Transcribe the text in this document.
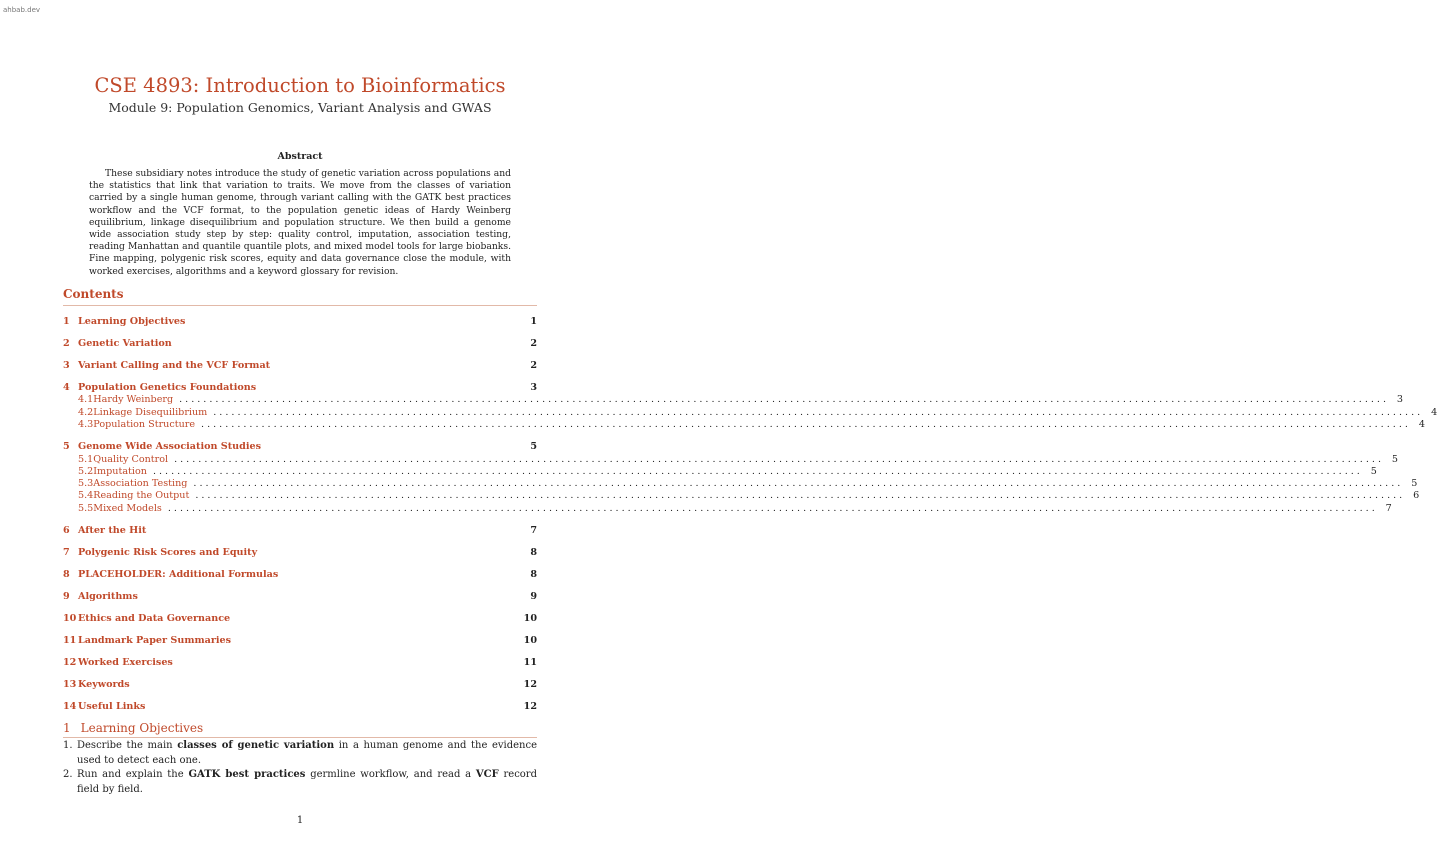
ahbab.dev
CSE 4893: Introduction to Bioinformatics
Module 9: Population Genomics, Variant Analysis and GWAS
Abstract
These subsidiary notes introduce the study of genetic variation across populations and the statistics that link that variation to traits. We move from the classes of variation carried by a single human genome, through variant calling with the GATK best practices workflow and the VCF format, to the population genetic ideas of Hardy Weinberg equilibrium, linkage disequilibrium and population structure. We then build a genome wide association study step by step: quality control, imputation, association testing, reading Manhattan and quantile quantile plots, and mixed model tools for large biobanks. Fine mapping, polygenic risk scores, equity and data governance close the module, with worked exercises, algorithms and a keyword glossary for revision.
Contents
1 Learning Objectives	1
2 Genetic Variation	2
3 Variant Calling and the VCF Format	2
4 Population Genetics Foundations	3
4.1 Hardy Weinberg ........................................................................................................................................................................................................ 3
4.2 Linkage Disequilibrium ........................................................................................................................................................................................................ 4
4.3 Population Structure ........................................................................................................................................................................................................ 4
5 Genome Wide Association Studies	5
5.1 Quality Control ........................................................................................................................................................................................................ 5
5.2 Imputation ........................................................................................................................................................................................................ 5
5.3 Association Testing ........................................................................................................................................................................................................ 5
5.4 Reading the Output ........................................................................................................................................................................................................ 6
5.5 Mixed Models ........................................................................................................................................................................................................ 7
6 After the Hit	7
7 Polygenic Risk Scores and Equity	8
8 PLACEHOLDER: Additional Formulas	8
9 Algorithms	9
10 Ethics and Data Governance	10
11 Landmark Paper Summaries	10
12 Worked Exercises	11
13 Keywords	12
14 Useful Links	12
1 Learning Objectives
1. Describe the main classes of genetic variation in a human genome and the evidence used to detect each one.
2. Run and explain the GATK best practices germline workflow, and read a VCF record field by field.
1
